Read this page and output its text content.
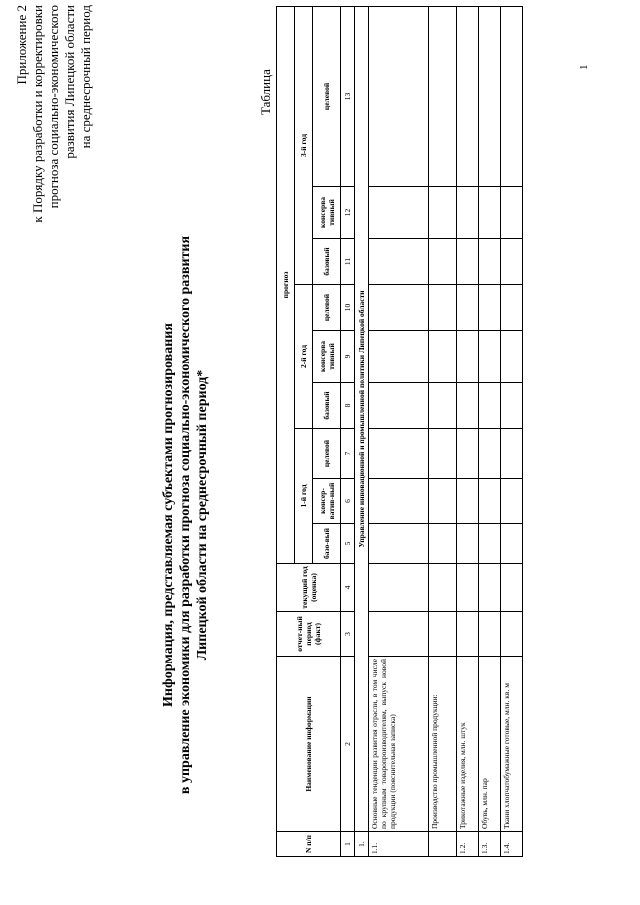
Приложение 2 к Порядку разработки и корректировки прогноза социально-экономического развития Липецкой области на среднесрочный период
Информация, представляемая субъектами прогнозирования в управление экономики для разработки прогноза социально-экономического развития Липецкой области на среднесрочный период*
Таблица
N п/п	Наименование информации	отчет-ный период (факт)	текущий год (оценка)	прогноз								
				1-й год			2-й год			3-й год		
				базо-вый	консер-ватив-ный	целевой	базовый	консерва тивный	целевой	базовый	консерва тивный	целевой
1	2	3	4	5	6	7	8	9	10	11	12	13
1.	Управление инновационной и промышленной политики Липецкой области											
1.1.	Основные тенденции развития отрасли, в том числе по крупным товаропроизводителям, выпуск новой продукции (пояснительная записка)											
	Производство промышленной продукции:											
1.2.	Трикотажные изделия, млн. штук											
1.3.	Обувь, млн. пар											
1.4.	Ткани хлопчатобумажные готовые, млн. кв. м											
1
